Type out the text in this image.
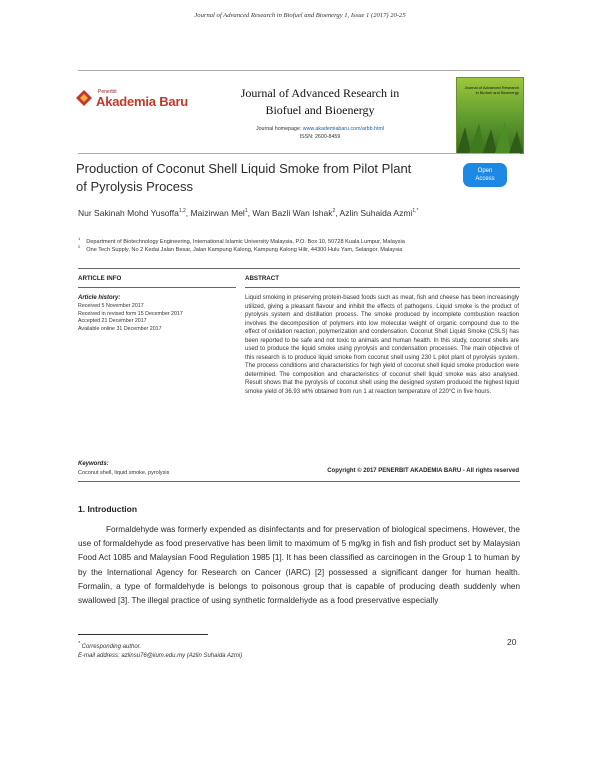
Journal of Advanced Research in Biofuel and Bioenergy 1, Issue 1 (2017) 20-25
Penerbit
Akademia Baru
Journal of Advanced Research in
Biofuel and Bioenergy
Journal homepage: www.akademiabaru.com/arbb.html
ISSN: 2600-8459
Journal of Advanced Research in Biofuel and Bioenergy
Production of Coconut Shell Liquid Smoke from Pilot Plant of Pyrolysis Process
Open
Access
Nur Sakinah Mohd Yusoffa$^{1,2}$, Maizirwan Mel$^1$, Wan Bazli Wan Ishak$^2$, Azlin Suhaida Azmi$^{1,*}$
$^1$Department of Biotechnology Engineering, International Islamic University Malaysia, P.O. Box 10, 50728 Kuala Lumpur, Malaysia
$^2$One Tech Supply, No 2 Kedai Jalan Besar, Jalan Kampung Kalong, Kampung Kalong Hilir, 44300 Hulu Yam, Selangor, Malaysia
ARTICLE INFO	ABSTRACT
Article history:
Received 5 November 2017
Received in revised form 15 December 2017
Accepted 21 December 2017
Available online 31 December 2017
Liquid smoking in preserving protein-based foods such as meat, fish and cheese has been increasingly utilized, giving a pleasant flavour and inhibit the effects of pathogens. Liquid smoke is the product of pyrolysis system and distillation process. The smoke produced by incomplete combustion reaction involves the decomposition of polymers into low molecular weight of organic compound due to the effect of oxidation reaction, polymerization and condensation. Coconut Shell Liquid Smoke (CSLS) has been reported to be safe and not toxic to animals and human health. In this study, coconut shells are used to produce the liquid smoke using pyrolysis and condensation processes. The main objective of this research is to produce liquid smoke from coconut shell using 230 L pilot plant of pyrolysis system. The process conditions and characteristics for high yield of coconut shell liquid smoke production were determined. The composition and characteristics of coconut shell liquid smoke was also analysed. Result shows that the pyrolysis of coconut shell using the designed system produced the highest liquid smoke yield of 36.93 wt% obtained from run 1 at reaction temperature of 220°C in five hours.
Keywords:
Coconut shell, liquid smoke, pyrolysis	Copyright © 2017 PENERBIT AKADEMIA BARU - All rights reserved
1. Introduction
Formaldehyde was formerly expended as disinfectants and for preservation of biological specimens. However, the use of formaldehyde as food preservative has been limit to maximum of 5 mg/kg in fish and fish product set by Malaysian Food Act 1085 and Malaysian Food Regulation 1985 [1]. It has been classified as carcinogen in the Group 1 to human by by the International Agency for Research on Cancer (IARC) [2] possessed a significant danger for human health. Formalin, a type of formaldehyde is belongs to poisonous group that is capable of producing death suddenly when swallowed [3]. The illegal practice of using synthetic formaldehyde as a food preservative especially
* Corresponding author.
E-mail address: azlinsu76@iium.edu.my (Azlin Suhaida Azmi)
20
